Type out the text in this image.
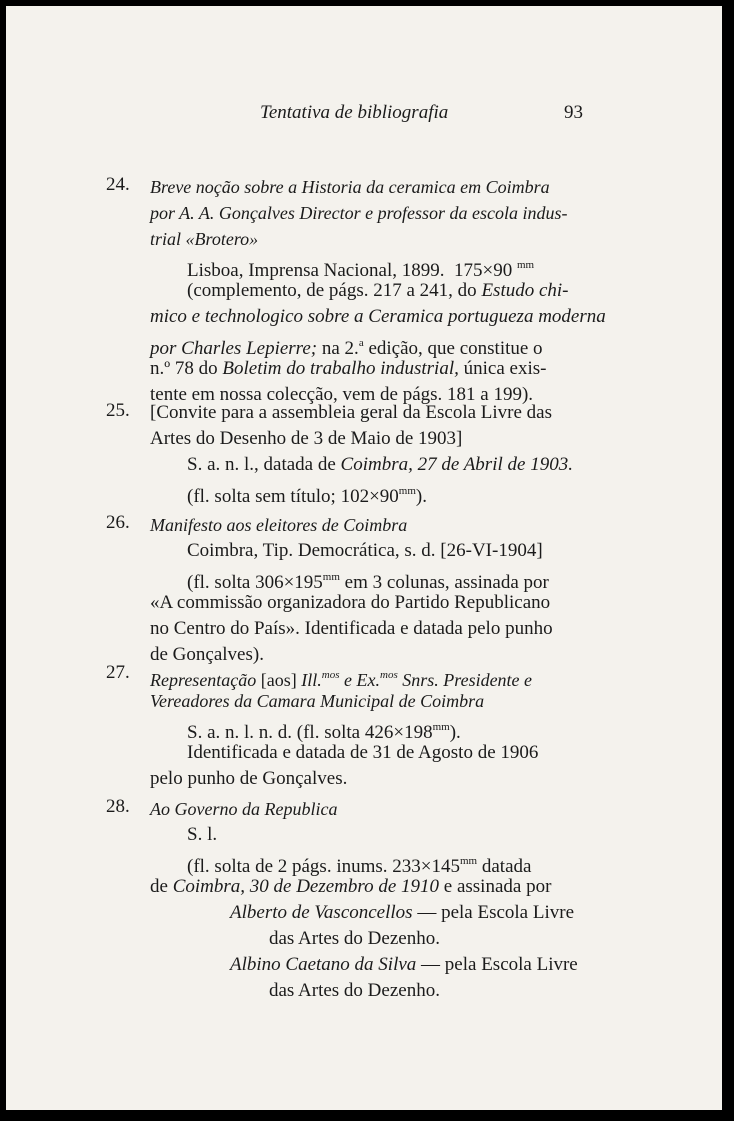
Tentativa de bibliografia	93
24. Breve noção sobre a Historia da ceramica em Coimbra
por A. A. Gonçalves Director e professor da escola indus-
trial «Brotero»
Lisboa, Imprensa Nacional, 1899. 175×90 $^{mm}$
(complemento, de págs. 217 a 241, do Estudo chi-
mico e technologico sobre a Ceramica portugueza moderna
por Charles Lepierre; na 2.$^a$ edição, que constitue o
n.º 78 do Boletim do trabalho industrial, única exis-
tente em nossa colecção, vem de págs. 181 a 199).
25. [Convite para a assembleia geral da Escola Livre das
Artes do Desenho de 3 de Maio de 1903]
S. a. n. l., datada de Coimbra, 27 de Abril de 1903.
(fl. solta sem título; $102\times 90^{mm}$).
26. Manifesto aos eleitores de Coimbra
Coimbra, Tip. Democrática, s. d. [26-VI-1904]
(fl. solta $306\times 195^{mm}$ em 3 colunas, assinada por
«A commissão organizadora do Partido Republicano
no Centro do País». Identificada e datada pelo punho
de Gonçalves).
27. Representação [aos] Ill.$^{mos}$ e Ex.$^{mos}$ Snrs. Presidente e
Vereadores da Camara Municipal de Coimbra
S. a. n. l. n. d. (fl. solta $426\times 198^{mm}$).
Identificada e datada de 31 de Agosto de 1906
pelo punho de Gonçalves.
28. Ao Governo da Republica
S. l.
(fl. solta de 2 págs. inums. $233\times 145^{mm}$ datada
de Coimbra, 30 de Dezembro de 1910 e assinada por
Alberto de Vasconcellos — pela Escola Livre
das Artes do Dezenho.
Albino Caetano da Silva — pela Escola Livre
das Artes do Dezenho.
